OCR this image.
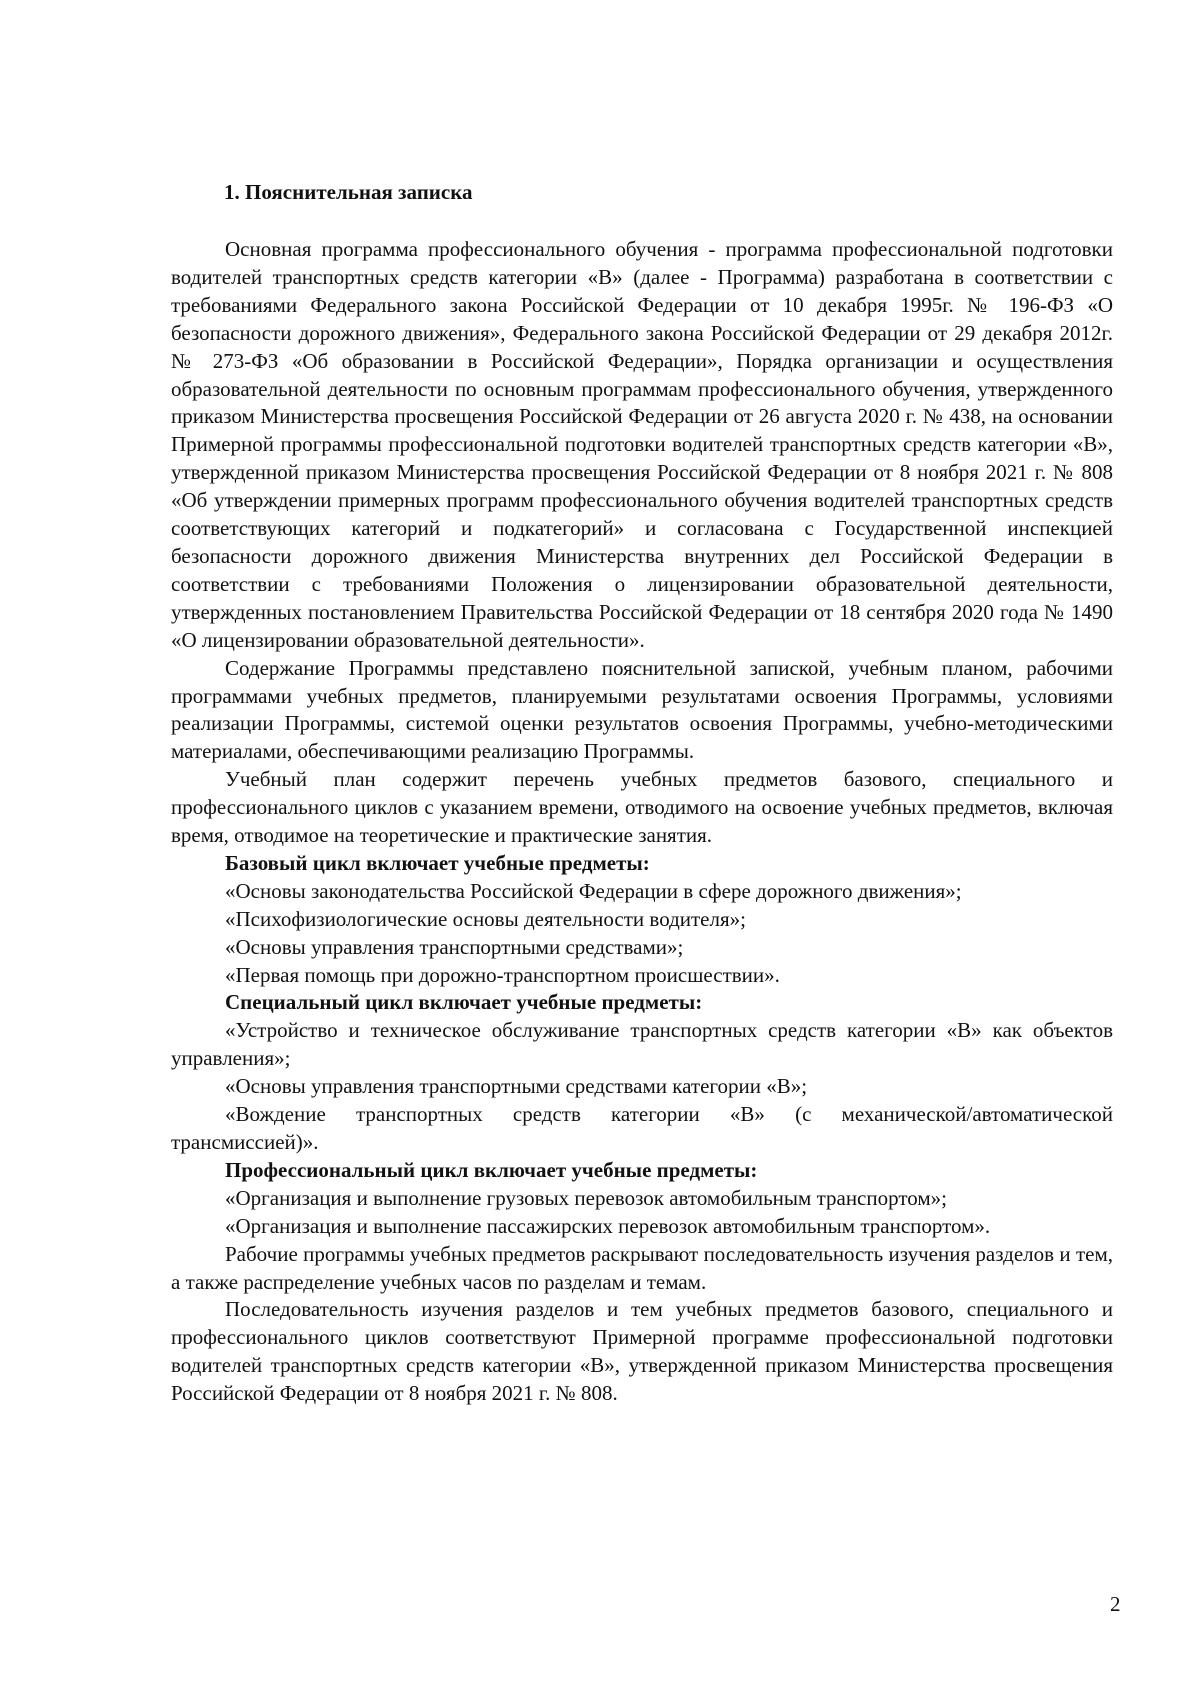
1. Пояснительная записка

Основная программа профессионального обучения - программа профессиональной подготовки водителей транспортных средств категории «B» (далее - Программа) разработана в соответствии с требованиями Федерального закона Российской Федерации от 10 декабря 1995г. № 196-ФЗ «О безопасности дорожного движения», Федерального закона Российской Федерации от 29 декабря 2012г. № 273-ФЗ «Об образовании в Российской Федерации», Порядка организации и осуществления образовательной деятельности по основным программам профессионального обучения, утвержденного приказом Министерства просвещения Российской Федерации от 26 августа 2020 г. № 438, на основании Примерной программы профессиональной подготовки водителей транспортных средств категории «B», утвержденной приказом Министерства просвещения Российской Федерации от 8 ноября 2021 г. № 808 «Об утверждении примерных программ профессионального обучения водителей транспортных средств соответствующих категорий и подкатегорий» и согласована с Государственной инспекцией безопасности дорожного движения Министерства внутренних дел Российской Федерации в соответствии с требованиями Положения о лицензировании образовательной деятельности, утвержденных постановлением Правительства Российской Федерации от 18 сентября 2020 года № 1490 «О лицензировании образовательной деятельности».

Содержание Программы представлено пояснительной запиской, учебным планом, рабочими программами учебных предметов, планируемыми результатами освоения Программы, условиями реализации Программы, системой оценки результатов освоения Программы, учебно-методическими материалами, обеспечивающими реализацию Программы.

Учебный план содержит перечень учебных предметов базового, специального и профессионального циклов с указанием времени, отводимого на освоение учебных предметов, включая время, отводимое на теоретические и практические занятия.

Базовый цикл включает учебные предметы:

«Основы законодательства Российской Федерации в сфере дорожного движения»;

«Психофизиологические основы деятельности водителя»;

«Основы управления транспортными средствами»;

«Первая помощь при дорожно-транспортном происшествии».

Специальный цикл включает учебные предметы:

«Устройство и техническое обслуживание транспортных средств категории «B» как объектов управления»;

«Основы управления транспортными средствами категории «B»;

«Вождение транспортных средств категории «B» (с механической/автоматической трансмиссией)».

Профессиональный цикл включает учебные предметы:

«Организация и выполнение грузовых перевозок автомобильным транспортом»;

«Организация и выполнение пассажирских перевозок автомобильным транспортом».

Рабочие программы учебных предметов раскрывают последовательность изучения разделов и тем, а также распределение учебных часов по разделам и темам.

Последовательность изучения разделов и тем учебных предметов базового, специального и профессионального циклов соответствуют Примерной программе профессиональной подготовки водителей транспортных средств категории «B», утвержденной приказом Министерства просвещения Российской Федерации от 8 ноября 2021 г. № 808.

2
